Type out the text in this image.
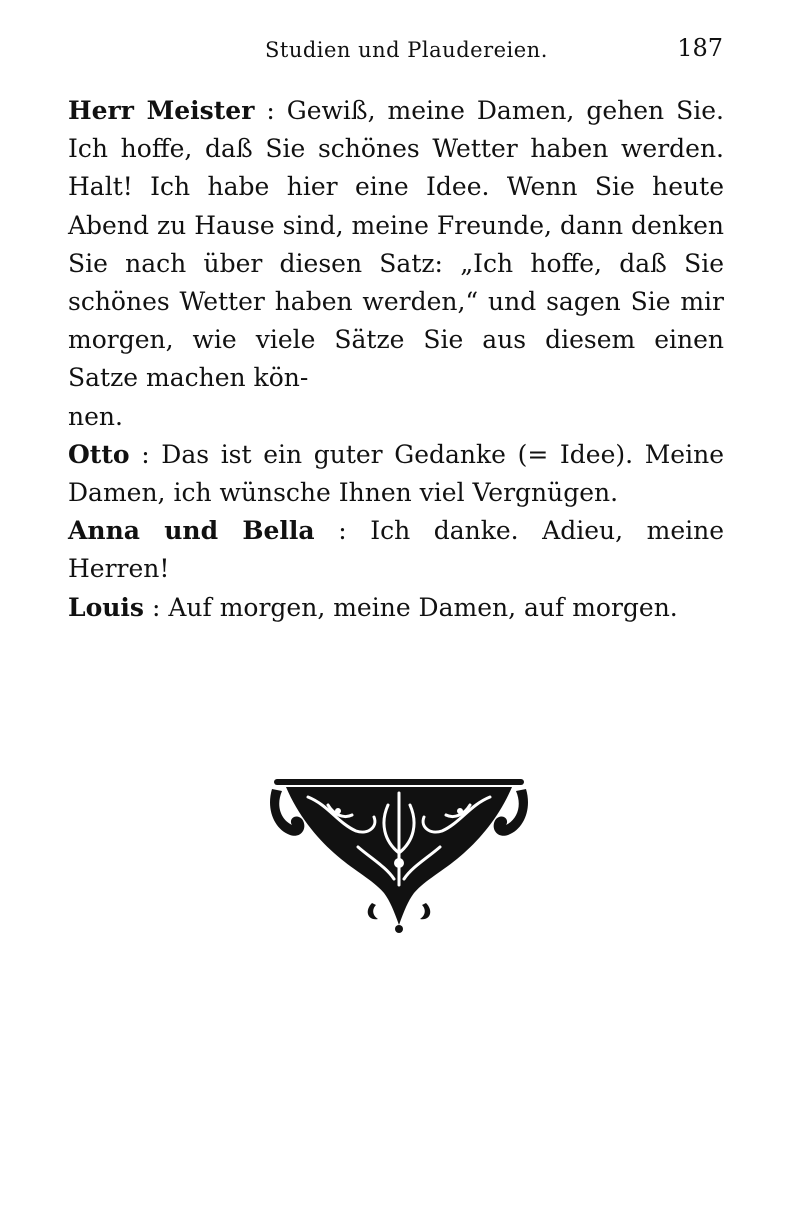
Studien und Plaudereien.	187

Herr Meister : Gewiß, meine Damen, gehen Sie. Ich hoffe, daß Sie schönes Wetter haben werden. Halt! Ich habe hier eine Idee. Wenn Sie heute Abend zu Hause sind, meine Freunde, dann denken Sie nach über diesen Satz: „Ich hoffe, daß Sie schönes Wetter haben werden,“ und sagen Sie mir morgen, wie viele Sätze Sie aus diesem einen Satze machen kön-
nen.

Otto : Das ist ein guter Gedanke (= Idee). Meine Damen, ich wünsche Ihnen viel Vergnügen.

Anna und Bella : Ich danke. Adieu, meine Herren!

Louis : Auf morgen, meine Damen, auf morgen.
